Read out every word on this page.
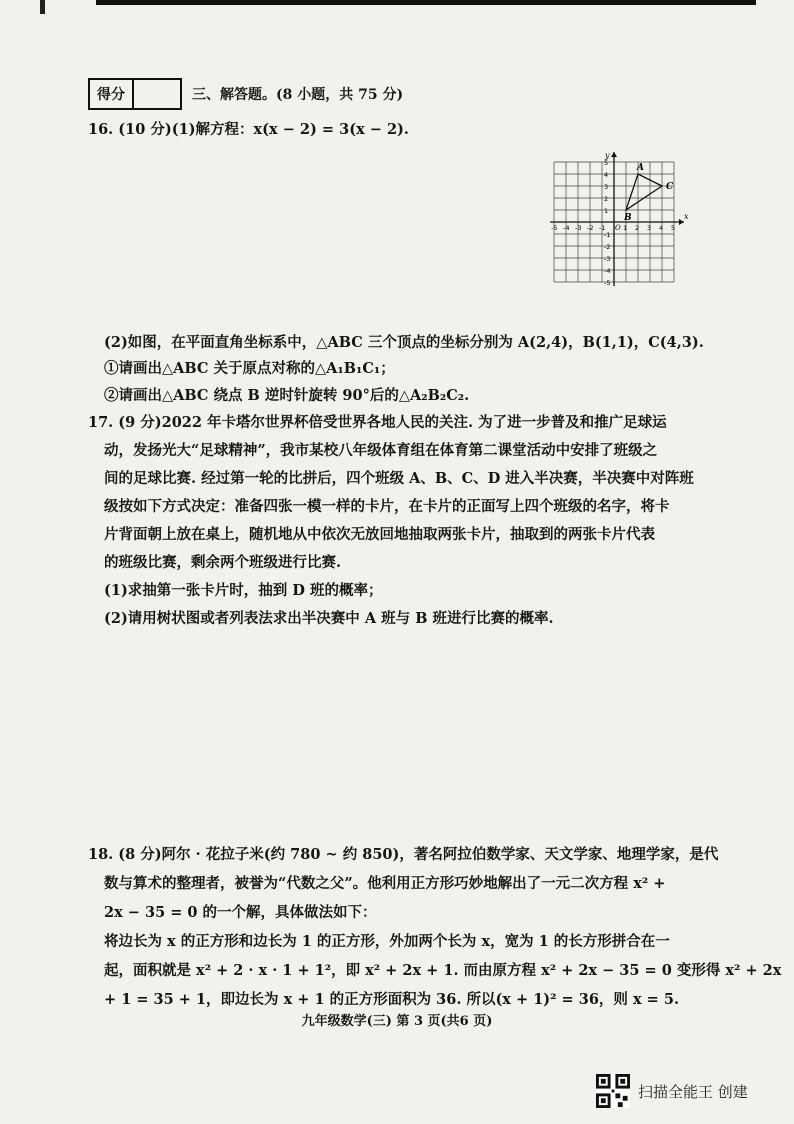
得分	三、解答题。(8 小题，共 75 分)
16. (10 分)(1)解方程：x(x − 2) = 3(x − 2).
x
y
O
-5 -4 -3 -2 -1	1 2 3 4 5
5
4
3
2
1
-1
-2
-3
-4
-5
A
B
C
(2)如图，在平面直角坐标系中，△ABC 三个顶点的坐标分别为 A(2,4)，B(1,1)，C(4,3).
①请画出△ABC 关于原点对称的△A₁B₁C₁；
②请画出△ABC 绕点 B 逆时针旋转 90°后的△A₂B₂C₂.
17. (9 分)2022 年卡塔尔世界杯倍受世界各地人民的关注. 为了进一步普及和推广足球运
动，发扬光大“足球精神”，我市某校八年级体育组在体育第二课堂活动中安排了班级之
间的足球比赛. 经过第一轮的比拼后，四个班级 A、B、C、D 进入半决赛，半决赛中对阵班
级按如下方式决定：准备四张一模一样的卡片，在卡片的正面写上四个班级的名字，将卡
片背面朝上放在桌上，随机地从中依次无放回地抽取两张卡片，抽取到的两张卡片代表
的班级比赛，剩余两个班级进行比赛.
(1)求抽第一张卡片时，抽到 D 班的概率；
(2)请用树状图或者列表法求出半决赛中 A 班与 B 班进行比赛的概率.
18. (8 分)阿尔 · 花拉子米(约 780 ~ 约 850)，著名阿拉伯数学家、天文学家、地理学家，是代
数与算术的整理者，被誉为“代数之父”。他利用正方形巧妙地解出了一元二次方程 x² +
2x − 35 = 0 的一个解，具体做法如下：
将边长为 x 的正方形和边长为 1 的正方形，外加两个长为 x，宽为 1 的长方形拼合在一
起，面积就是 x² + 2 · x · 1 + 1²，即 x² + 2x + 1. 而由原方程 x² + 2x − 35 = 0 变形得 x² + 2x
+ 1 = 35 + 1，即边长为 x + 1 的正方形面积为 36. 所以(x + 1)² = 36，则 x = 5.
九年级数学(三) 第 3 页(共6 页)
扫描全能王 创建
